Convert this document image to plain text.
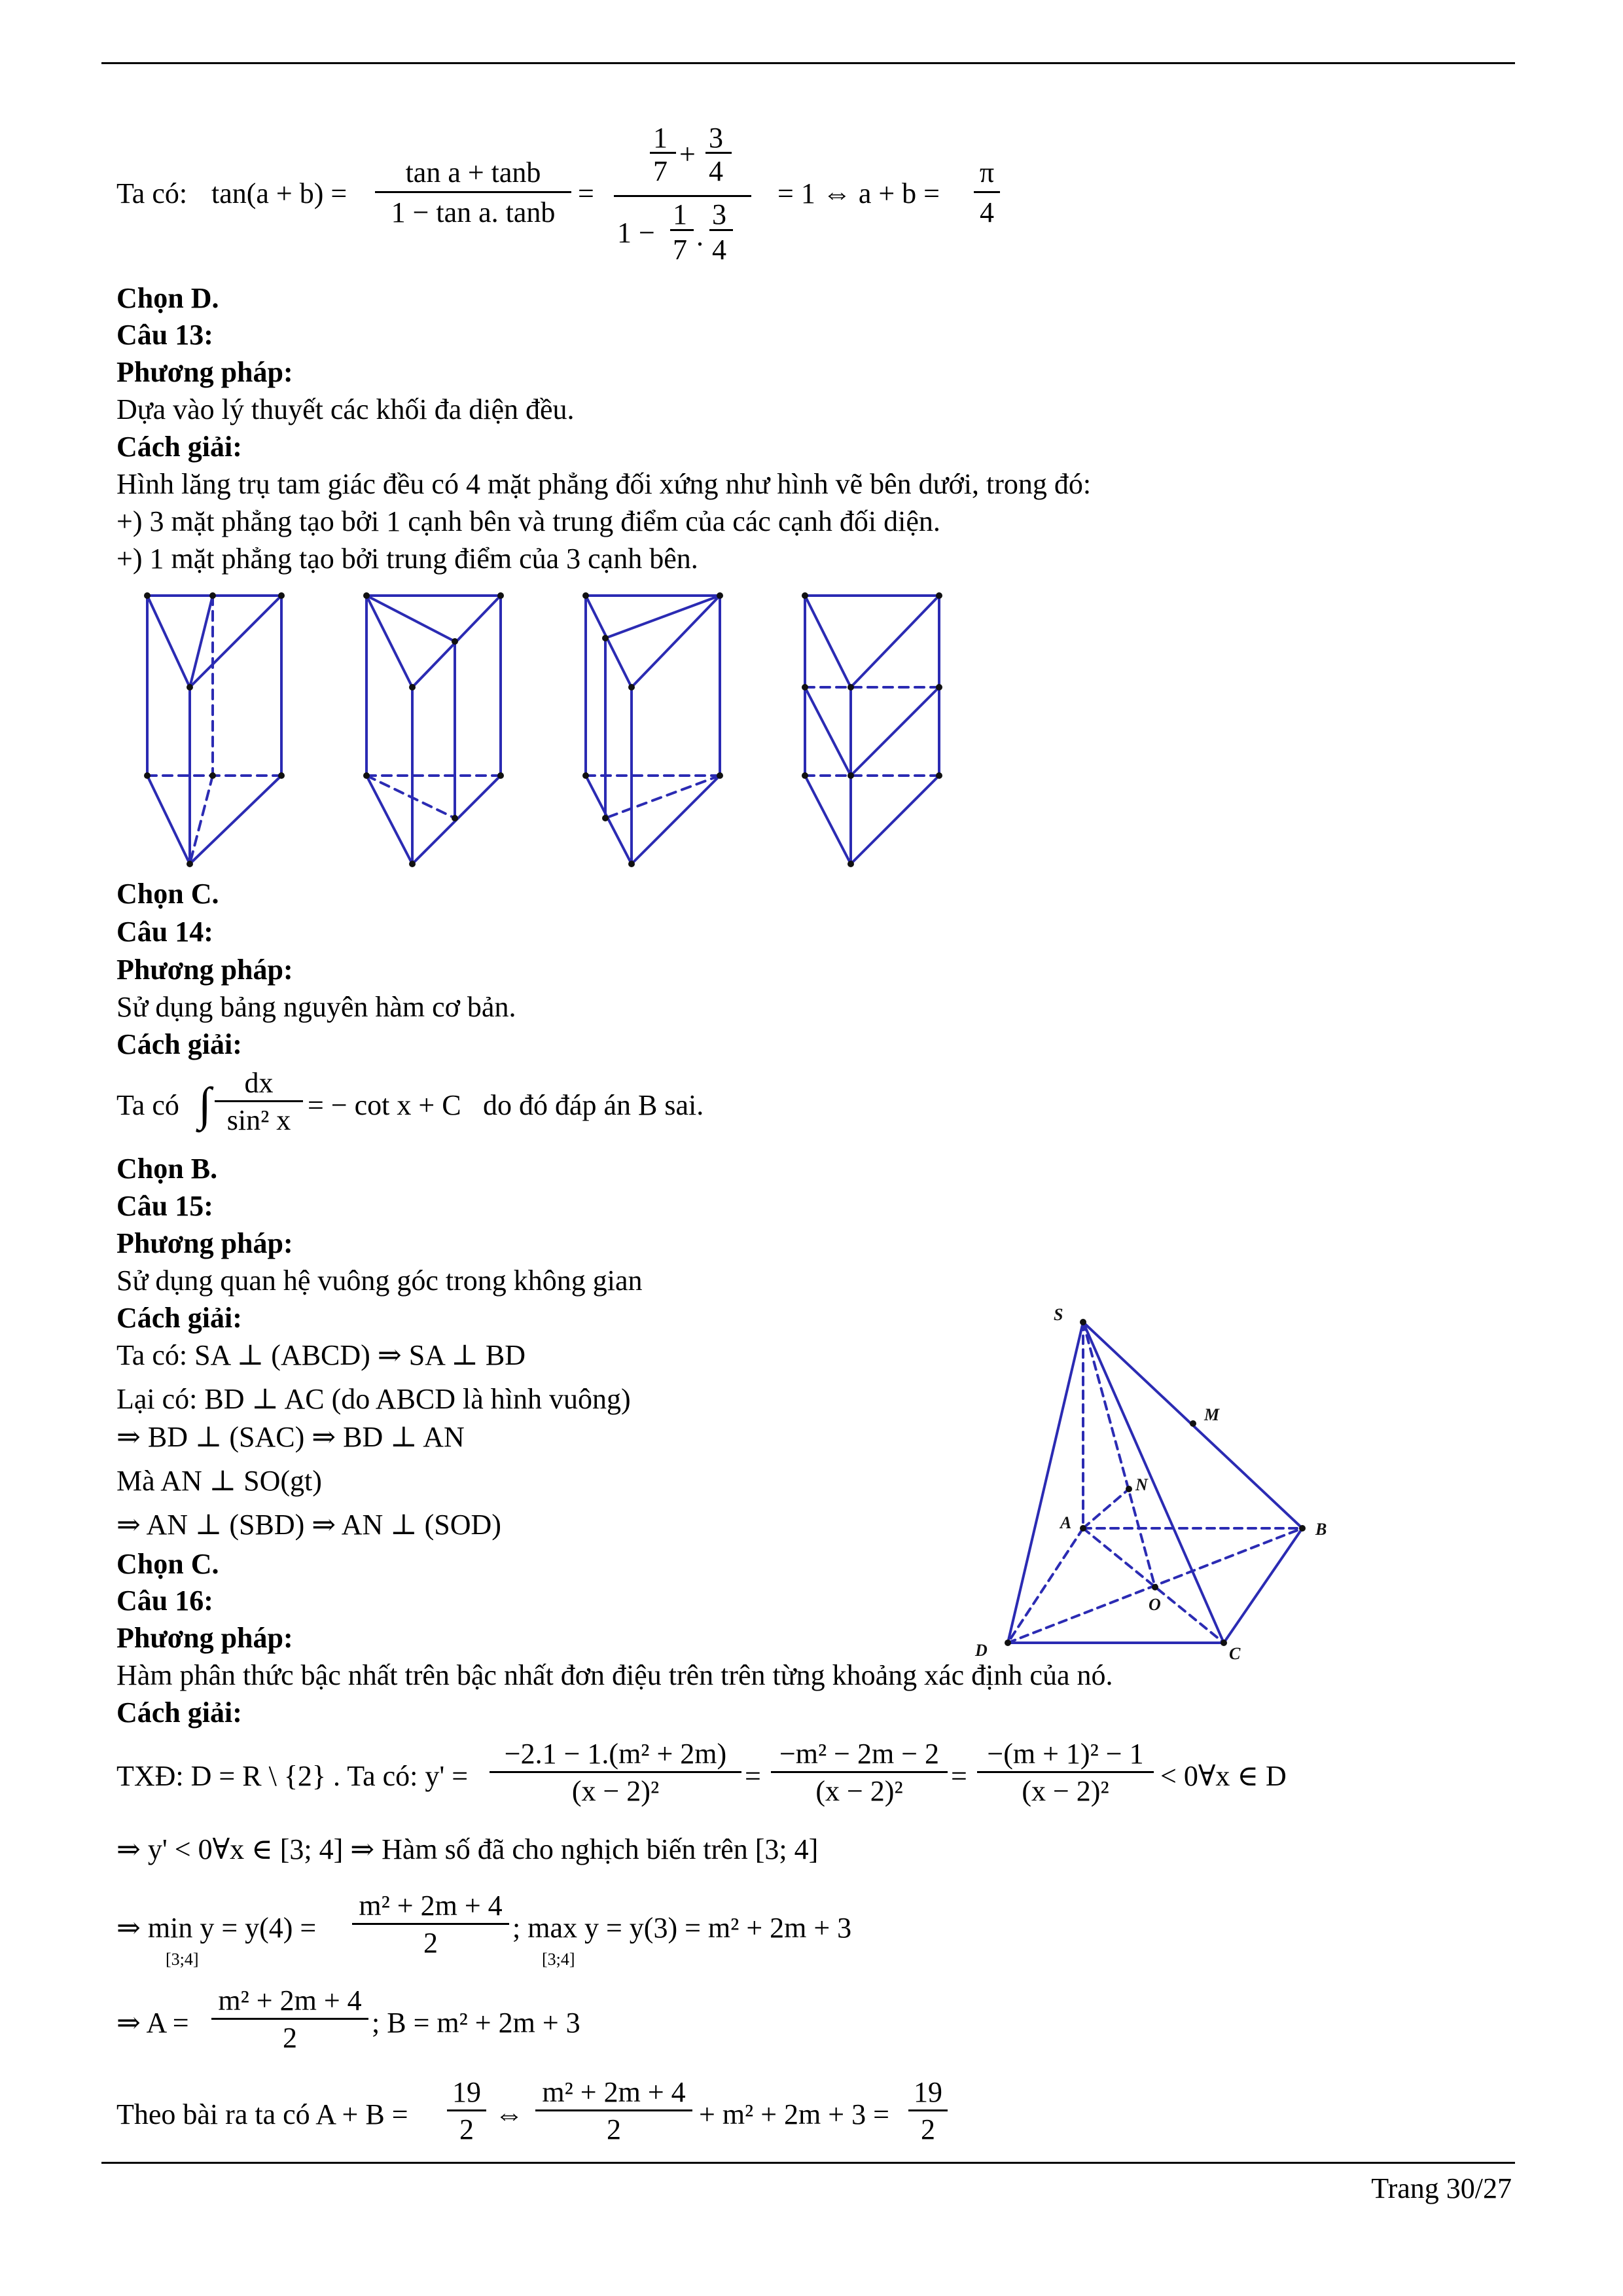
Ta có: tan(a + b) =
tan a + tanb
1 − tan a. tanb
=
1
7
+
3
4
1 −
1
7 .
3
4
= 1 ⇔ a + b =
π
4
Chọn D.
Câu 13:
Phương pháp:
Dựa vào lý thuyết các khối đa diện đều.
Cách giải:
Hình lăng trụ tam giác đều có 4 mặt phẳng đối xứng như hình vẽ bên dưới, trong đó:
+) 3 mặt phẳng tạo bởi 1 cạnh bên và trung điểm của các cạnh đối diện.
+) 1 mặt phẳng tạo bởi trung điểm của 3 cạnh bên.
Chọn C.
Câu 14:
Phương pháp:
Sử dụng bảng nguyên hàm cơ bản.
Cách giải:
Ta có ∫	dx
sin² x = − cot x + C do đó đáp án B sai.
Chọn B.
Câu 15:
Phương pháp:
Sử dụng quan hệ vuông góc trong không gian
Cách giải:
Ta có: SA ⊥ (ABCD) ⇒ SA ⊥ BD
Lại có: BD ⊥ AC (do ABCD là hình vuông)
⇒ BD ⊥ (SAC) ⇒ BD ⊥ AN
Mà AN ⊥ SO(gt)
⇒ AN ⊥ (SBD) ⇒ AN ⊥ (SOD)
Chọn C.
S
M
N
A	B
O
D	C
Câu 16:
Phương pháp:
Hàm phân thức bậc nhất trên bậc nhất đơn điệu trên trên từng khoảng xác định của nó.
Cách giải:
TXĐ: D = R \ {2} . Ta có: y' =
−2.1 − 1.(m² + 2m)
(x − 2)²	=
−m² − 2m − 2
(x − 2)²	=
−(m + 1)² − 1
(x − 2)²	< 0∀x ∈ D
⇒ y' < 0∀x ∈ [3; 4] ⇒ Hàm số đã cho nghịch biến trên [3; 4]
⇒ min y = y(4) =
[3;4]
m² + 2m + 4
2	; max y = y(3) = m² + 2m + 3
[3;4]
⇒ A =
m² + 2m + 4
2	; B = m² + 2m + 3
Theo bài ra ta có A + B =
19
2 ⇔
m² + 2m + 4
2	+ m² + 2m + 3 =
19
2
Trang 30/27
